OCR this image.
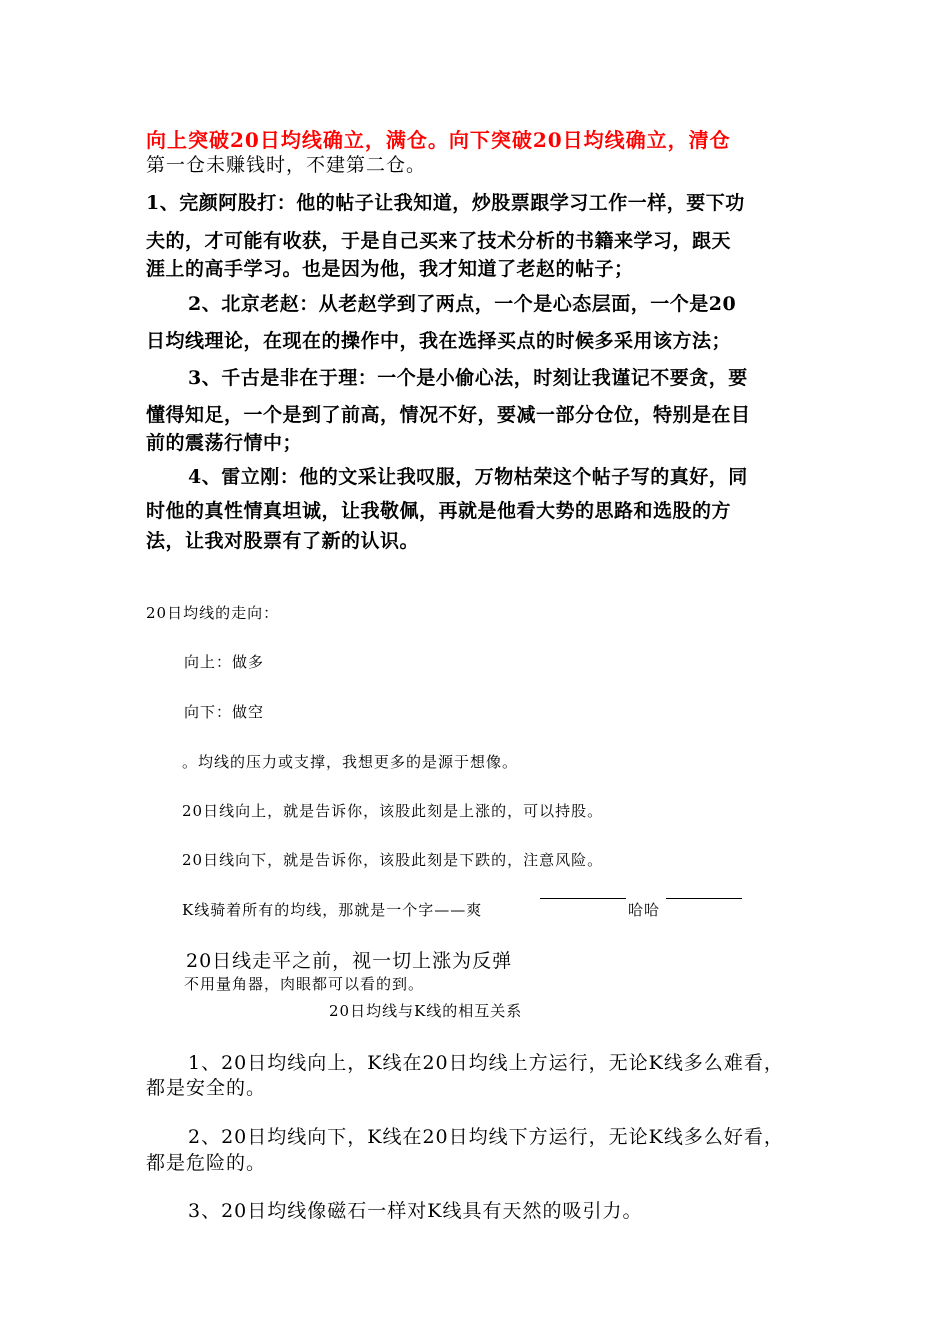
向上突破20日均线确立，满仓。向下突破20日均线确立，清仓
第一仓未赚钱时，不建第二仓。
1、完颜阿股打：他的帖子让我知道，炒股票跟学习工作一样，要下功
夫的，才可能有收获，于是自己买来了技术分析的书籍来学习，跟天
涯上的高手学习。也是因为他，我才知道了老赵的帖子；
2、北京老赵：从老赵学到了两点，一个是心态层面，一个是20
日均线理论，在现在的操作中，我在选择买点的时候多采用该方法；
3、千古是非在于理：一个是小偷心法，时刻让我谨记不要贪，要
懂得知足，一个是到了前高，情况不好，要减一部分仓位，特别是在目
前的震荡行情中；
4、雷立刚：他的文采让我叹服，万物枯荣这个帖子写的真好，同
时他的真性情真坦诚，让我敬佩，再就是他看大势的思路和选股的方
法，让我对股票有了新的认识。
20日均线的走向：
向上：做多
向下：做空
。均线的压力或支撑，我想更多的是源于想像。
20日线向上，就是告诉你，该股此刻是上涨的，可以持股。
20日线向下，就是告诉你，该股此刻是下跌的，注意风险。
K线骑着所有的均线，那就是一个字——爽	哈哈
20日线走平之前，视一切上涨为反弹
不用量角器，肉眼都可以看的到。
20日均线与K线的相互关系
1、20日均线向上，K线在20日均线上方运行，无论K线多么难看，
都是安全的。
2、20日均线向下，K线在20日均线下方运行，无论K线多么好看，
都是危险的。
3、20日均线像磁石一样对K线具有天然的吸引力。
